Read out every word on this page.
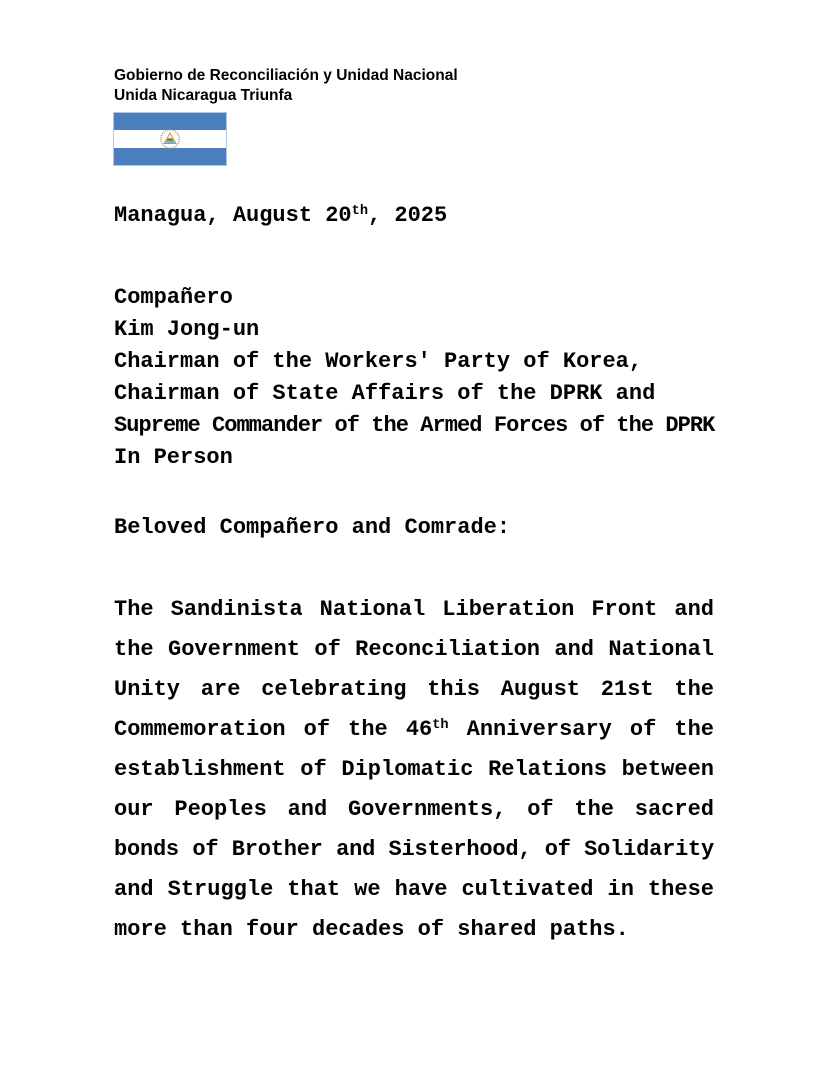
Gobierno de Reconciliación y Unidad Nacional
Unida Nicaragua Triunfa
Managua, August 20th, 2025
Compañero
Kim Jong-un
Chairman of the Workers' Party of Korea,
Chairman of State Affairs of the DPRK and
Supreme Commander of the Armed Forces of the DPRK
In Person
Beloved Compañero and Comrade:
The Sandinista National Liberation Front and
the Government of Reconciliation and National
Unity are celebrating this August 21st the
Commemoration of the 46th Anniversary of the
establishment of Diplomatic Relations between
our Peoples and Governments, of the sacred
bonds of Brother and Sisterhood, of Solidarity
and Struggle that we have cultivated in these
more than four decades of shared paths.
